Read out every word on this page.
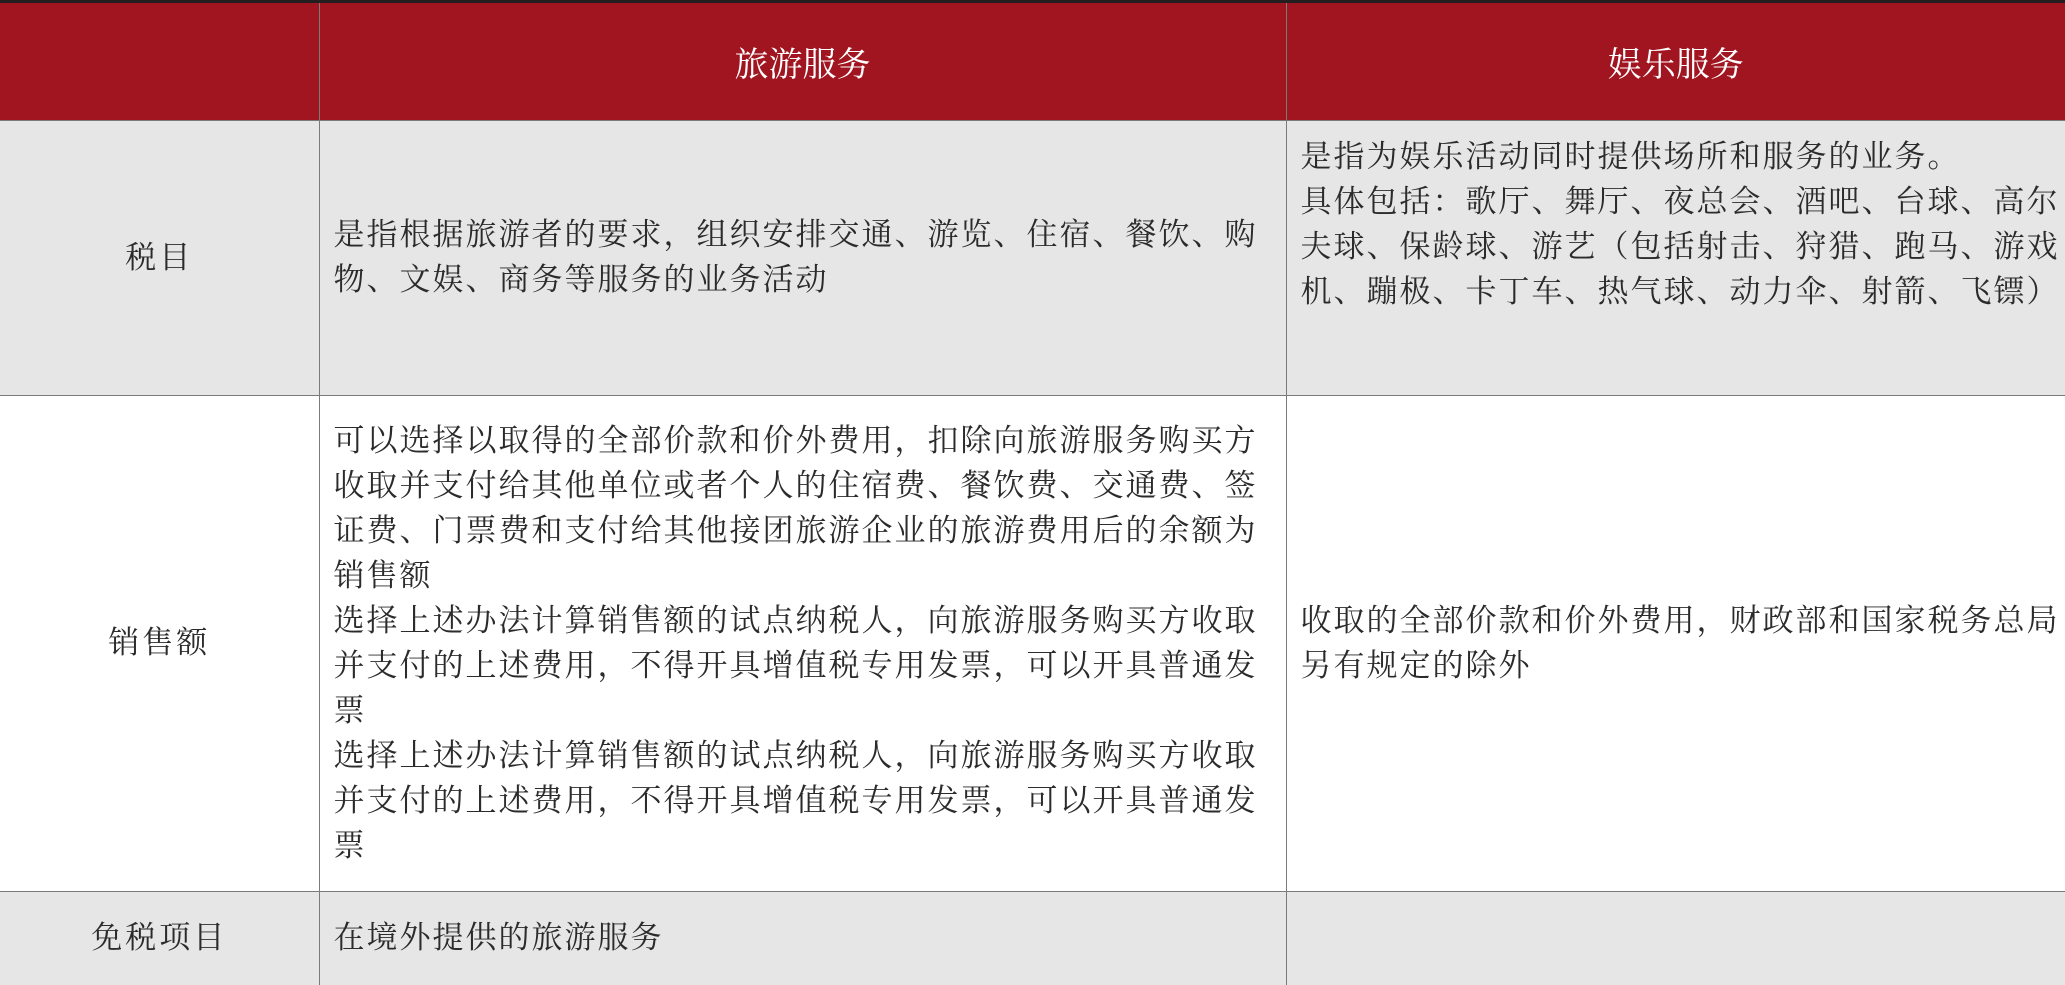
	旅游服务	娱乐服务
税目	是指根据旅游者的要求，组织安排交通、游览、住宿、餐饮、购物、文娱、商务等服务的业务活动	是指为娱乐活动同时提供场所和服务的业务。
具体包括：歌厅、舞厅、夜总会、酒吧、台球、高尔夫球、保龄球、游艺（包括射击、狩猎、跑马、游戏机、蹦极、卡丁车、热气球、动力伞、射箭、飞镖）

销售额	可以选择以取得的全部价款和价外费用，扣除向旅游服务购买方收取并支付给其他单位或者个人的住宿费、餐饮费、交通费、签证费、门票费和支付给其他接团旅游企业的旅游费用后的余额为销售额
选择上述办法计算销售额的试点纳税人，向旅游服务购买方收取并支付的上述费用，不得开具增值税专用发票，可以开具普通发票
选择上述办法计算销售额的试点纳税人，向旅游服务购买方收取并支付的上述费用，不得开具增值税专用发票，可以开具普通发票	收取的全部价款和价外费用，财政部和国家税务总局另有规定的除外

免税项目	在境外提供的旅游服务	
